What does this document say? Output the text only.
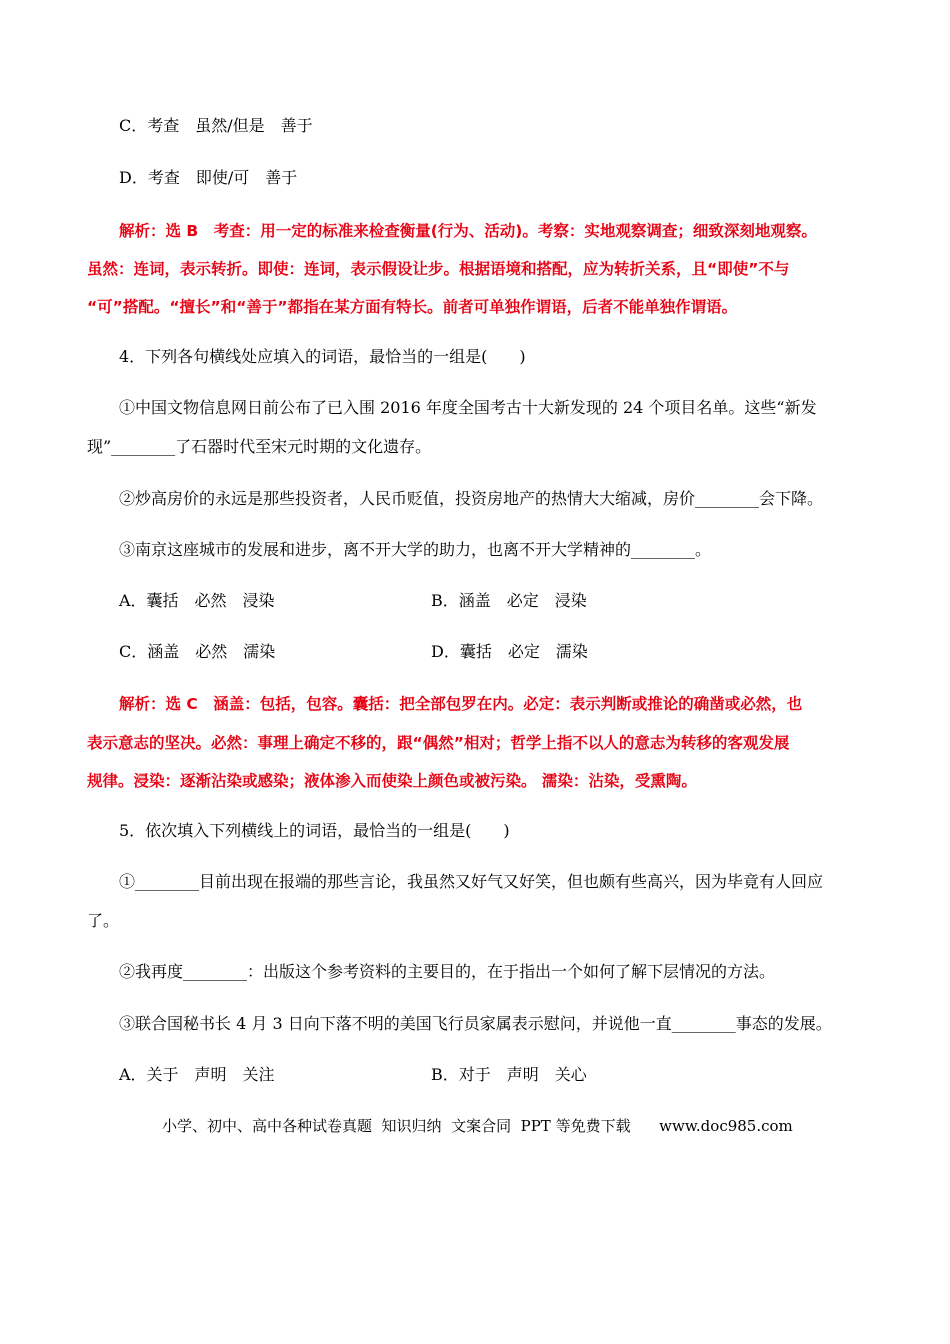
C．考查　虽然/但是　善于
D．考查　即使/可　善于
解析：选 B　考查：用一定的标准来检查衡量(行为、活动)。考察：实地观察调查；细致深刻地观察。
虽然：连词，表示转折。即使：连词，表示假设让步。根据语境和搭配，应为转折关系，且“即使”不与
“可”搭配。“擅长”和“善于”都指在某方面有特长。前者可单独作谓语，后者不能单独作谓语。
4．下列各句横线处应填入的词语，最恰当的一组是(　　)
①中国文物信息网日前公布了已入围 2016 年度全国考古十大新发现的 24 个项目名单。这些“新发
现”________了石器时代至宋元时期的文化遗存。
②炒高房价的永远是那些投资者，人民币贬值，投资房地产的热情大大缩减，房价________会下降。
③南京这座城市的发展和进步，离不开大学的助力，也离不开大学精神的________。
A．囊括　必然　浸染	B．涵盖　必定　浸染
C．涵盖　必然　濡染	D．囊括　必定　濡染
解析：选 C　涵盖：包括，包容。囊括：把全部包罗在内。必定：表示判断或推论的确凿或必然，也
表示意志的坚决。必然：事理上确定不移的，跟“偶然”相对；哲学上指不以人的意志为转移的客观发展
规律。浸染：逐渐沾染或感染；液体渗入而使染上颜色或被污染。 濡染：沾染，受熏陶。
5．依次填入下列横线上的词语，最恰当的一组是(　　)
①________目前出现在报端的那些言论，我虽然又好气又好笑，但也颇有些高兴，因为毕竟有人回应
了。
②我再度________：出版这个参考资料的主要目的，在于指出一个如何了解下层情况的方法。
③联合国秘书长 4 月 3 日向下落不明的美国飞行员家属表示慰问，并说他一直________事态的发展。
A．关于　声明　关注	B．对于　声明　关心
小学、初中、高中各种试卷真题  知识归纳  文案合同  PPT 等免费下载      www.doc985.com
